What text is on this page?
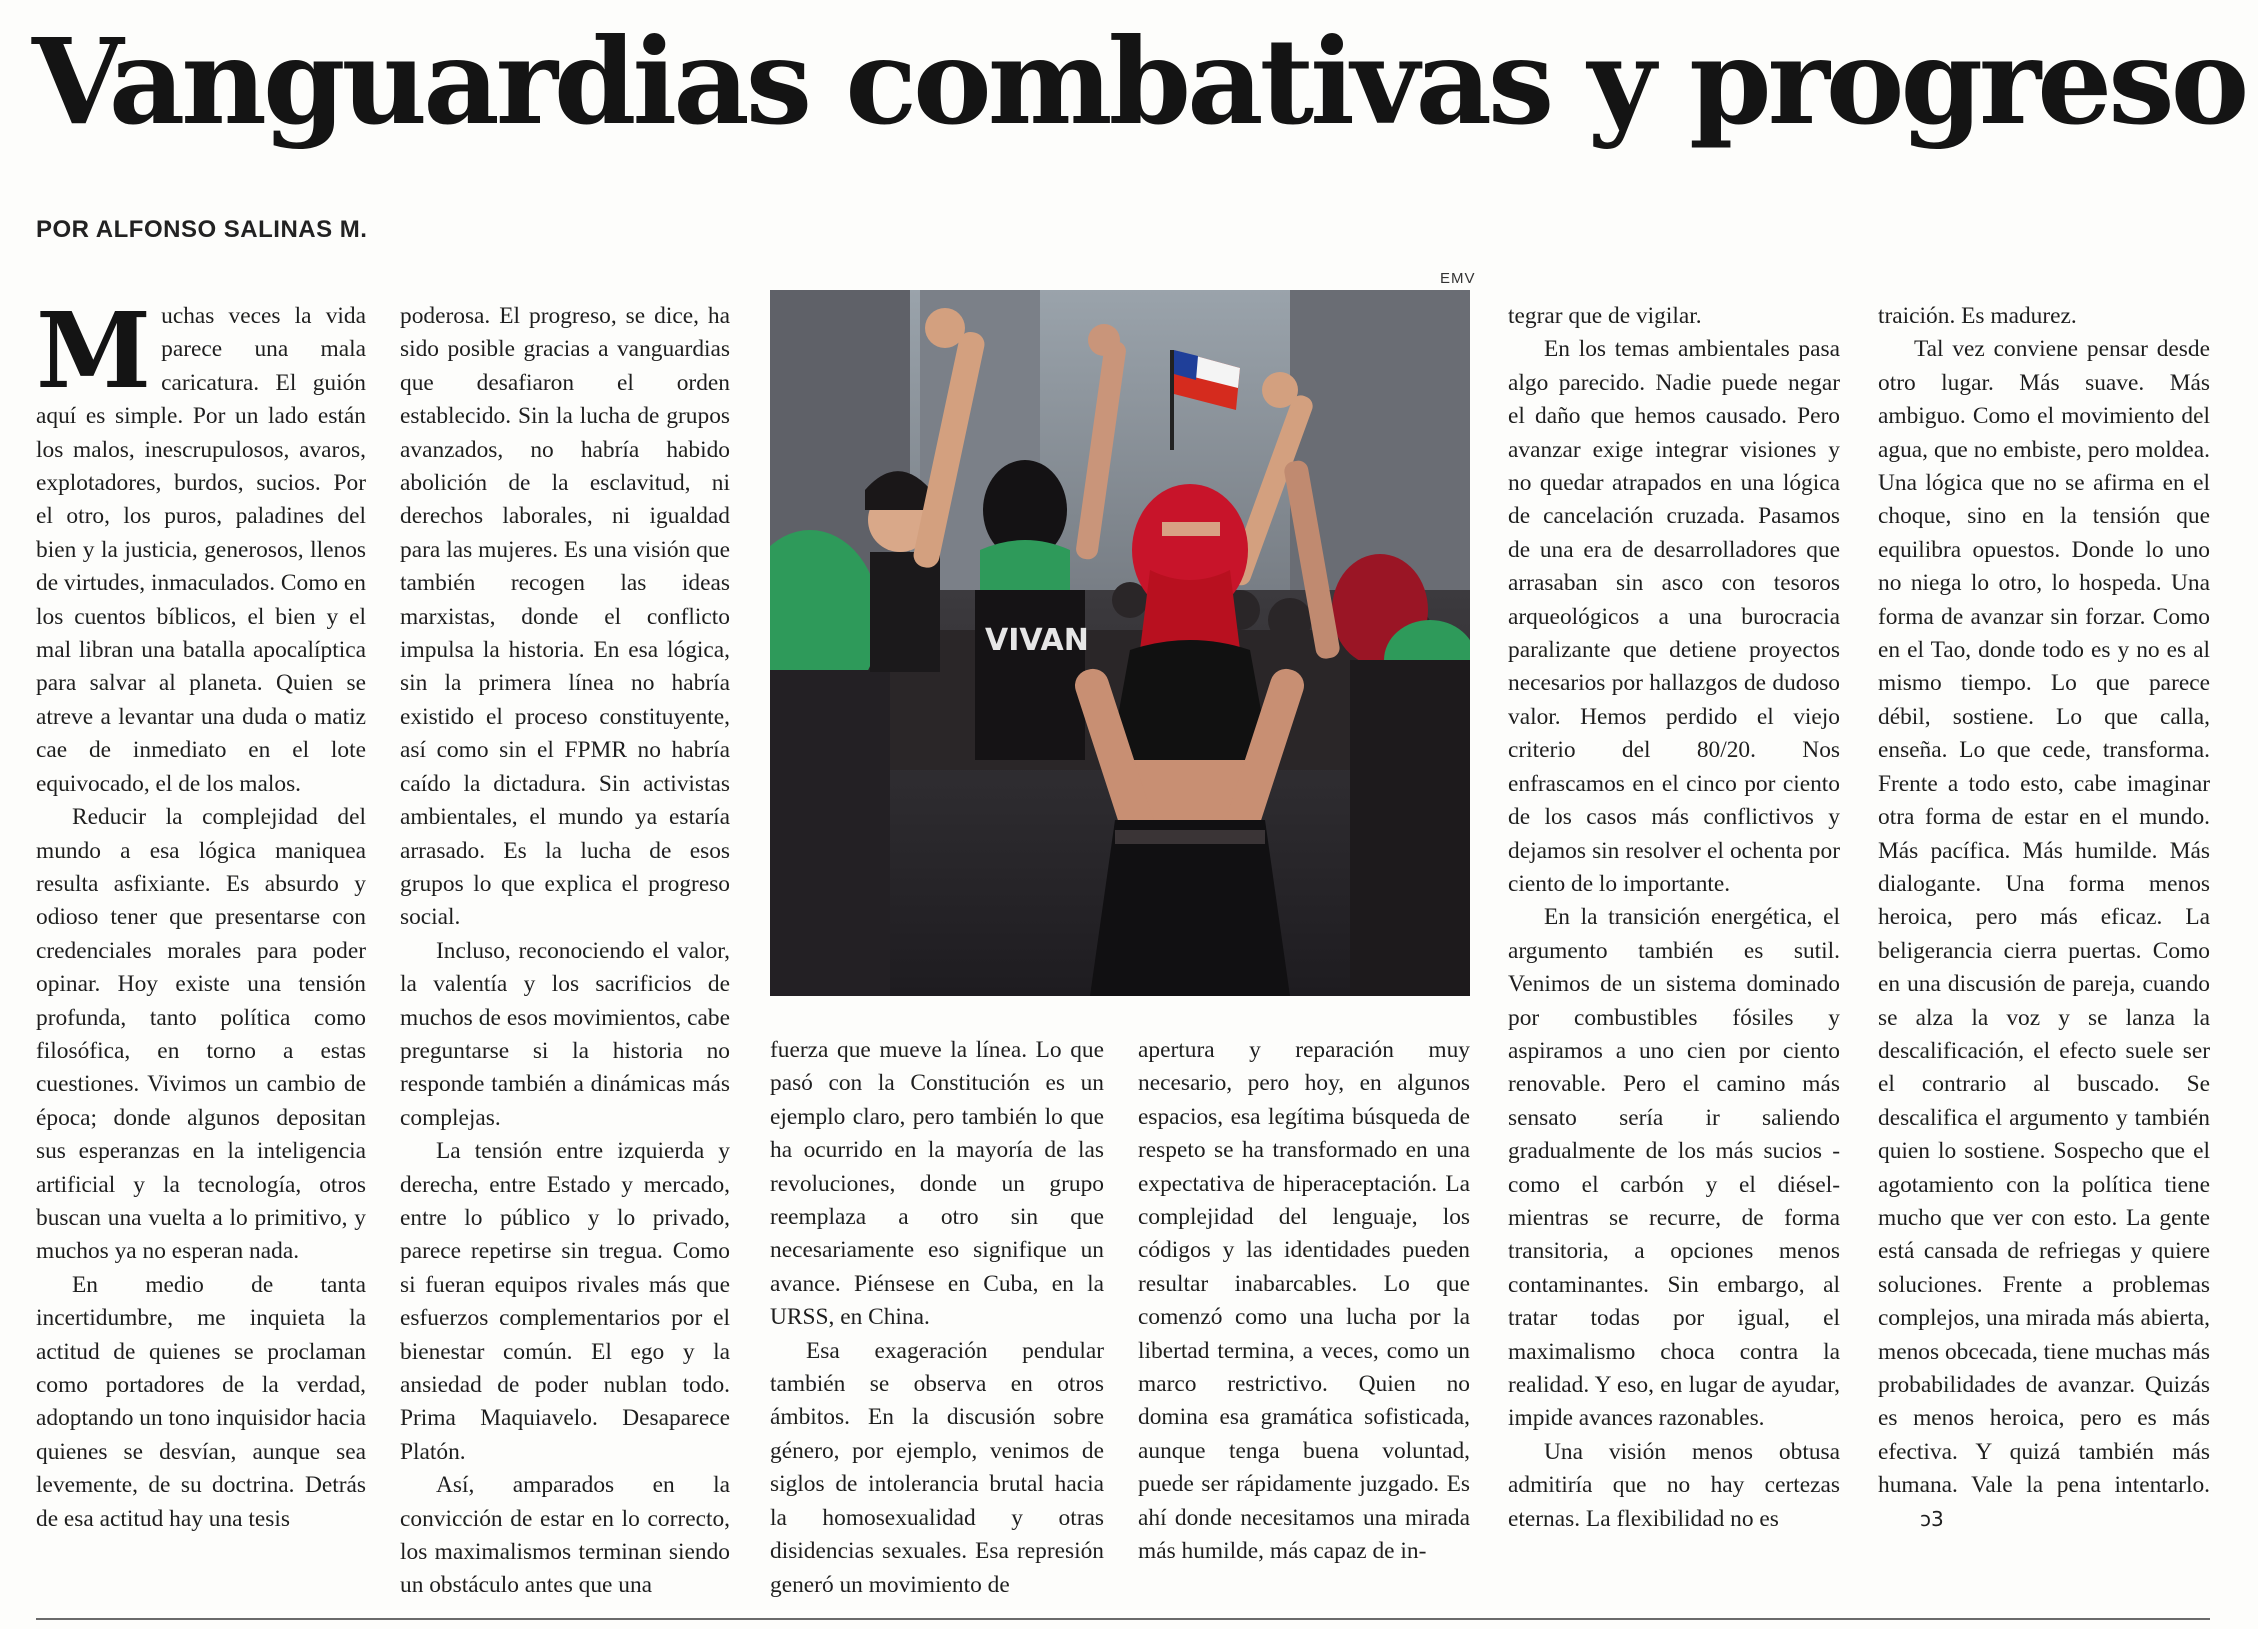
Vanguardias combativas y progreso

POR ALFONSO SALINAS M.

Muchas veces la vida parece una mala caricatura. El guión aquí es simple. Por un lado están los malos, inescrupulosos, avaros, explotadores, burdos, sucios. Por el otro, los puros, paladines del bien y la justicia, generosos, llenos de virtudes, inmaculados. Como en los cuentos bíblicos, el bien y el mal libran una batalla apocalíptica para salvar al planeta. Quien se atreve a levantar una duda o matiz cae de inmediato en el lote equivocado, el de los malos.

Reducir la complejidad del mundo a esa lógica maniquea resulta asfixiante. Es absurdo y odioso tener que presentarse con credenciales morales para poder opinar. Hoy existe una tensión profunda, tanto política como filosófica, en torno a estas cuestiones. Vivimos un cambio de época; donde algunos depositan sus esperanzas en la inteligencia artificial y la tecnología, otros buscan una vuelta a lo primitivo, y muchos ya no esperan nada.

En medio de tanta incertidumbre, me inquieta la actitud de quienes se proclaman como portadores de la verdad, adoptando un tono inquisidor hacia quienes se desvían, aunque sea levemente, de su doctrina. Detrás de esa actitud hay una tesis

poderosa. El progreso, se dice, ha sido posible gracias a vanguardias que desafiaron el orden establecido. Sin la lucha de grupos avanzados, no habría habido abolición de la esclavitud, ni derechos laborales, ni igualdad para las mujeres. Es una visión que también recogen las ideas marxistas, donde el conflicto impulsa la historia. En esa lógica, sin la primera línea no habría existido el proceso constituyente, así como sin el FPMR no habría caído la dictadura. Sin activistas ambientales, el mundo ya estaría arrasado. Es la lucha de esos grupos lo que explica el progreso social.

Incluso, reconociendo el valor, la valentía y los sacrificios de muchos de esos movimientos, cabe preguntarse si la historia no responde también a dinámicas más complejas.

La tensión entre izquierda y derecha, entre Estado y mercado, entre lo público y lo privado, parece repetirse sin tregua. Como si fueran equipos rivales más que esfuerzos complementarios por el bienestar común. El ego y la ansiedad de poder nublan todo. Prima Maquiavelo. Desaparece Platón.

Así, amparados en la convicción de estar en lo correcto, los maximalismos terminan siendo un obstáculo antes que una

EMV

VIVAN

fuerza que mueve la línea. Lo que pasó con la Constitución es un ejemplo claro, pero también lo que ha ocurrido en la mayoría de las revoluciones, donde un grupo reemplaza a otro sin que necesariamente eso signifique un avance. Piénsese en Cuba, en la URSS, en China.

Esa exageración pendular también se observa en otros ámbitos. En la discusión sobre género, por ejemplo, venimos de siglos de intolerancia brutal hacia la homosexualidad y otras disidencias sexuales. Esa represión generó un movimiento de

apertura y reparación muy necesario, pero hoy, en algunos espacios, esa legítima búsqueda de respeto se ha transformado en una expectativa de hiperaceptación. La complejidad del lenguaje, los códigos y las identidades pueden resultar inabarcables. Lo que comenzó como una lucha por la libertad termina, a veces, como un marco restrictivo. Quien no domina esa gramática sofisticada, aunque tenga buena voluntad, puede ser rápidamente juzgado. Es ahí donde necesitamos una mirada más humilde, más capaz de in-

tegrar que de vigilar.

En los temas ambientales pasa algo parecido. Nadie puede negar el daño que hemos causado. Pero avanzar exige integrar visiones y no quedar atrapados en una lógica de cancelación cruzada. Pasamos de una era de desarrolladores que arrasaban sin asco con tesoros arqueológicos a una burocracia paralizante que detiene proyectos necesarios por hallazgos de dudoso valor. Hemos perdido el viejo criterio del 80/20. Nos enfrascamos en el cinco por ciento de los casos más conflictivos y dejamos sin resolver el ochenta por ciento de lo importante.

En la transición energética, el argumento también es sutil. Venimos de un sistema dominado por combustibles fósiles y aspiramos a uno cien por ciento renovable. Pero el camino más sensato sería ir saliendo gradualmente de los más sucios -como el carbón y el diésel- mientras se recurre, de forma transitoria, a opciones menos contaminantes. Sin embargo, al tratar todas por igual, el maximalismo choca contra la realidad. Y eso, en lugar de ayudar, impide avances razonables.

Una visión menos obtusa admitiría que no hay certezas eternas. La flexibilidad no es

traición. Es madurez.

Tal vez conviene pensar desde otro lugar. Más suave. Más ambiguo. Como el movimiento del agua, que no embiste, pero moldea. Una lógica que no se afirma en el choque, sino en la tensión que equilibra opuestos. Donde lo uno no niega lo otro, lo hospeda. Una forma de avanzar sin forzar. Como en el Tao, donde todo es y no es al mismo tiempo. Lo que parece débil, sostiene. Lo que calla, enseña. Lo que cede, transforma. Frente a todo esto, cabe imaginar otra forma de estar en el mundo. Más pacífica. Más humilde. Más dialogante. Una forma menos heroica, pero más eficaz. La beligerancia cierra puertas. Como en una discusión de pareja, cuando se alza la voz y se lanza la descalificación, el efecto suele ser el contrario al buscado. Se descalifica el argumento y también quien lo sostiene. Sospecho que el agotamiento con la política tiene mucho que ver con esto. La gente está cansada de refriegas y quiere soluciones. Frente a problemas complejos, una mirada más abierta, menos obcecada, tiene muchas más probabilidades de avanzar. Quizás es menos heroica, pero es más efectiva. Y quizá también más humana. Vale la pena intentarlo.ↄ3
